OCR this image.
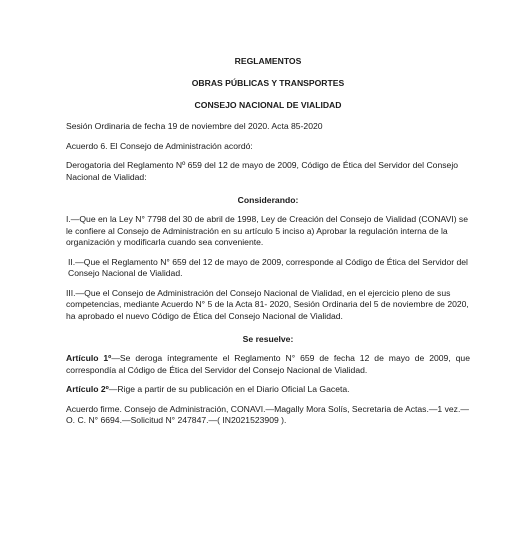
REGLAMENTOS
OBRAS PÚBLICAS Y TRANSPORTES
CONSEJO NACIONAL DE VIALIDAD

Sesión Ordinaria de fecha 19 de noviembre del 2020. Acta 85-2020

Acuerdo 6. El Consejo de Administración acordó:

Derogatoria del Reglamento Nº 659 del 12 de mayo de 2009, Código de Ética del Servidor del Consejo Nacional de Vialidad:

Considerando:

I.—Que en la Ley N° 7798 del 30 de abril de 1998, Ley de Creación del Consejo de Vialidad (CONAVI) se le confiere al Consejo de Administración en su artículo 5 inciso a) Aprobar la regulación interna de la organización y modificarla cuando sea conveniente.

II.—Que el Reglamento N° 659 del 12 de mayo de 2009, corresponde al Código de Ética del Servidor del Consejo Nacional de Vialidad.

III.—Que el Consejo de Administración del Consejo Nacional de Vialidad, en el ejercicio pleno de sus competencias, mediante Acuerdo N° 5 de la Acta 81- 2020, Sesión Ordinaria del 5 de noviembre de 2020, ha aprobado el nuevo Código de Ética del Consejo Nacional de Vialidad.

Se resuelve:

Artículo 1º—Se deroga íntegramente el Reglamento N° 659 de fecha 12 de mayo de 2009, que correspondía al Código de Ética del Servidor del Consejo Nacional de Vialidad.

Artículo 2º—Rige a partir de su publicación en el Diario Oficial La Gaceta.

Acuerdo firme. Consejo de Administración, CONAVI.—Magally Mora Solís, Secretaria de Actas.—1 vez.—O. C. N° 6694.—Solicitud N° 247847.—( IN2021523909 ).
